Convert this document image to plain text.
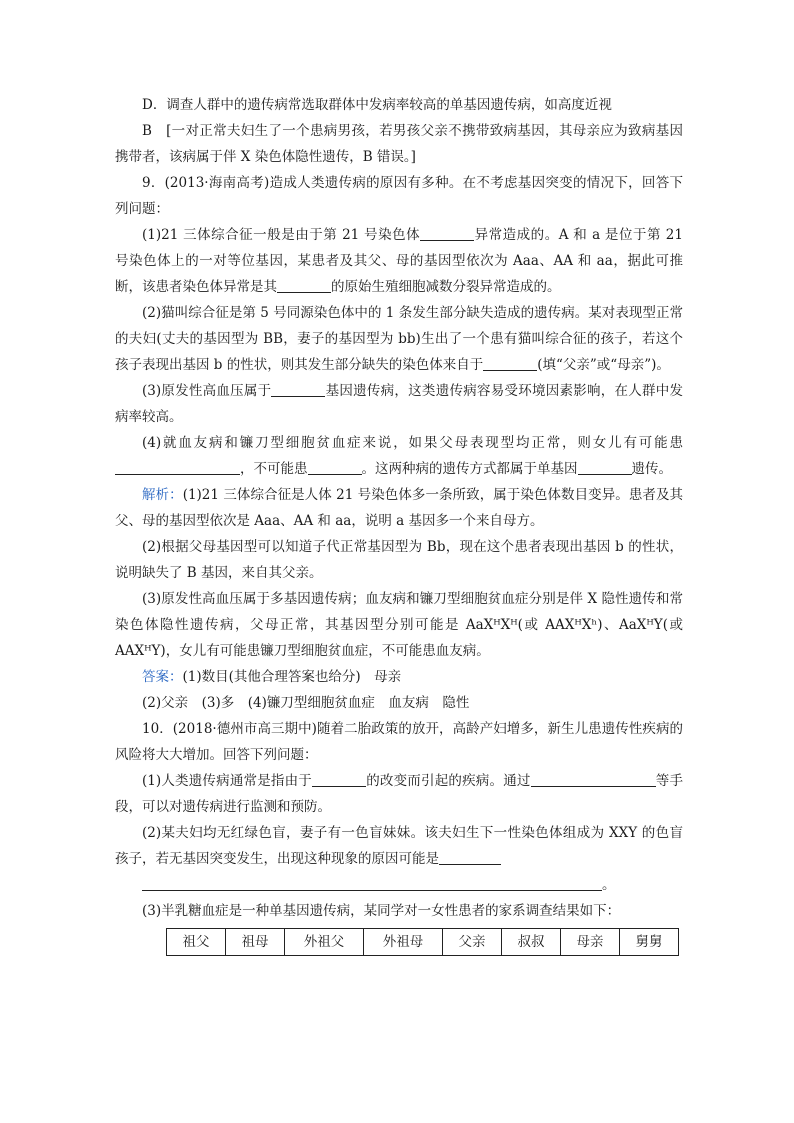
D．调查人群中的遗传病常选取群体中发病率较高的单基因遗传病，如高度近视

B　[一对正常夫妇生了一个患病男孩，若男孩父亲不携带致病基因，其母亲应为致病基因携带者，该病属于伴 X 染色体隐性遗传，B 错误。]

9．(2013·海南高考)造成人类遗传病的原因有多种。在不考虑基因突变的情况下，回答下列问题：

(1)21 三体综合征一般是由于第 21 号染色体	异常造成的。A 和 a 是位于第 21 号染色体上的一对等位基因，某患者及其父、母的基因型依次为 Aaa、AA 和 aa，据此可推断，该患者染色体异常是其	的原始生殖细胞减数分裂异常造成的。

(2)猫叫综合征是第 5 号同源染色体中的 1 条发生部分缺失造成的遗传病。某对表现型正常的夫妇(丈夫的基因型为 BB，妻子的基因型为 bb)生出了一个患有猫叫综合征的孩子，若这个孩子表现出基因 b 的性状，则其发生部分缺失的染色体来自于	(填“父亲”或“母亲”)。

(3)原发性高血压属于	基因遗传病，这类遗传病容易受环境因素影响，在人群中发病率较高。

(4)就血友病和镰刀型细胞贫血症来说，如果父母表现型均正常，则女儿有可能患，不可能患	。这两种病的遗传方式都属于单基因	遗传。

解析：(1)21 三体综合征是人体 21 号染色体多一条所致，属于染色体数目变异。患者及其父、母的基因型依次是 Aaa、AA 和 aa，说明 a 基因多一个来自母方。

(2)根据父母基因型可以知道子代正常基因型为 Bb，现在这个患者表现出基因 b 的性状，说明缺失了 B 基因，来自其父亲。

(3)原发性高血压属于多基因遗传病；血友病和镰刀型细胞贫血症分别是伴 X 隐性遗传和常染色体隐性遗传病，父母正常，其基因型分别可能是 AaXᴴXᴴ(或 AAXᴴXʰ)、AaXᴴY(或 AAXᴴY)，女儿有可能患镰刀型细胞贫血症，不可能患血友病。

答案：(1)数目(其他合理答案也给分)　母亲

(2)父亲　(3)多　(4)镰刀型细胞贫血症　血友病　隐性

10．(2018·德州市高三期中)随着二胎政策的放开，高龄产妇增多，新生儿患遗传性疾病的风险将大大增加。回答下列问题：

(1)人类遗传病通常是指由于	的改变而引起的疾病。通过	等手段，可以对遗传病进行监测和预防。

(2)某夫妇均无红绿色盲，妻子有一色盲妹妹。该夫妇生下一性染色体组成为 XXY 的色盲孩子，若无基因突变发生，出现这种现象的原因可能是

。

(3)半乳糖血症是一种单基因遗传病，某同学对一女性患者的家系调查结果如下：

祖父	祖母	外祖父	外祖母	父亲	叔叔	母亲	舅舅
